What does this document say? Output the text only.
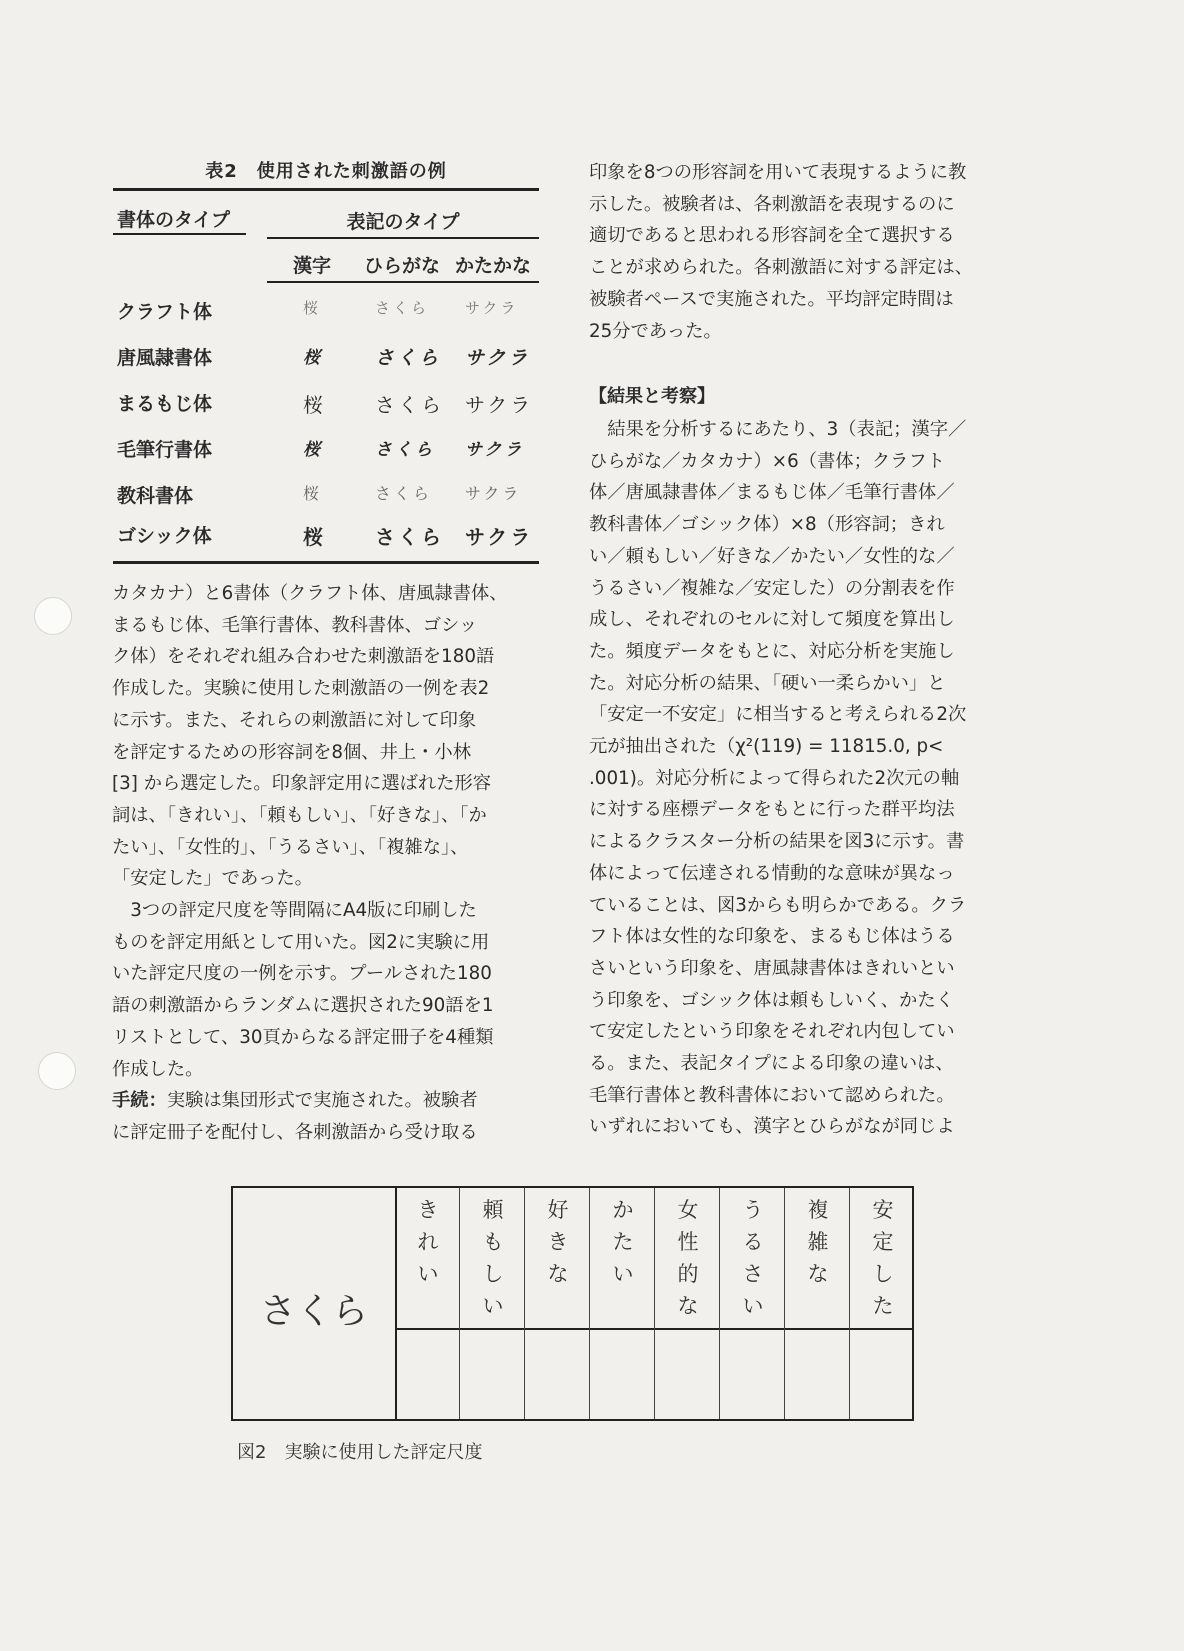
表2　使用された刺激語の例
書体のタイプ	表記のタイプ
漢字 ひらがな かたかな
クラフト体	桜	さくら サクラ
唐風隷書体	桜	さくら サクラ
まるもじ体	桜	さくら サクラ
毛筆行書体	桜	さくら サクラ
教科書体	桜	さくら サクラ
ゴシック体	桜	さくら サクラ
カタカナ）と6書体（クラフト体、唐風隷書体、
まるもじ体、毛筆行書体、教科書体、ゴシッ
ク体）をそれぞれ組み合わせた刺激語を180語
作成した。実験に使用した刺激語の一例を表2
に示す。また、それらの刺激語に対して印象
を評定するための形容詞を8個、井上・小林
[3] から選定した。印象評定用に選ばれた形容
詞は、「きれい」、「頼もしい」、「好きな」、「か
たい」、「女性的」、「うるさい」、「複雑な」、
「安定した」であった。
　3つの評定尺度を等間隔にA4版に印刷した
ものを評定用紙として用いた。図2に実験に用
いた評定尺度の一例を示す。プールされた180
語の刺激語からランダムに選択された90語を1
リストとして、30頁からなる評定冊子を4種類
作成した。
手続：実験は集団形式で実施された。被験者
に評定冊子を配付し、各刺激語から受け取る
印象を8つの形容詞を用いて表現するように教
示した。被験者は、各刺激語を表現するのに
適切であると思われる形容詞を全て選択する
ことが求められた。各刺激語に対する評定は、
被験者ペースで実施された。平均評定時間は
25分であった。
【結果と考察】
　結果を分析するにあたり、3（表記；漢字／
ひらがな／カタカナ）×6（書体；クラフト
体／唐風隷書体／まるもじ体／毛筆行書体／
教科書体／ゴシック体）×8（形容詞；きれ
い／頼もしい／好きな／かたい／女性的な／
うるさい／複雑な／安定した）の分割表を作
成し、それぞれのセルに対して頻度を算出し
た。頻度データをもとに、対応分析を実施し
た。対応分析の結果、「硬い一柔らかい」と
「安定一不安定」に相当すると考えられる2次
元が抽出された（χ²(119) = 11815.0, p<
.001)。対応分析によって得られた2次元の軸
に対する座標データをもとに行った群平均法
によるクラスター分析の結果を図3に示す。書
体によって伝達される情動的な意味が異なっ
ていることは、図3からも明らかである。クラ
フト体は女性的な印象を、まるもじ体はうる
さいという印象を、唐風隷書体はきれいとい
う印象を、ゴシック体は頼もしいく、かたく
て安定したという印象をそれぞれ内包してい
る。また、表記タイプによる印象の違いは、
毛筆行書体と教科書体において認められた。
いずれにおいても、漢字とひらがなが同じよ
さくら
き
れ
い
頼
も
し
い
好
き
な
か
た
い
女
性
的
な
う
る
さ
い
複
雑
な
安
定
し
た
図2　実験に使用した評定尺度
